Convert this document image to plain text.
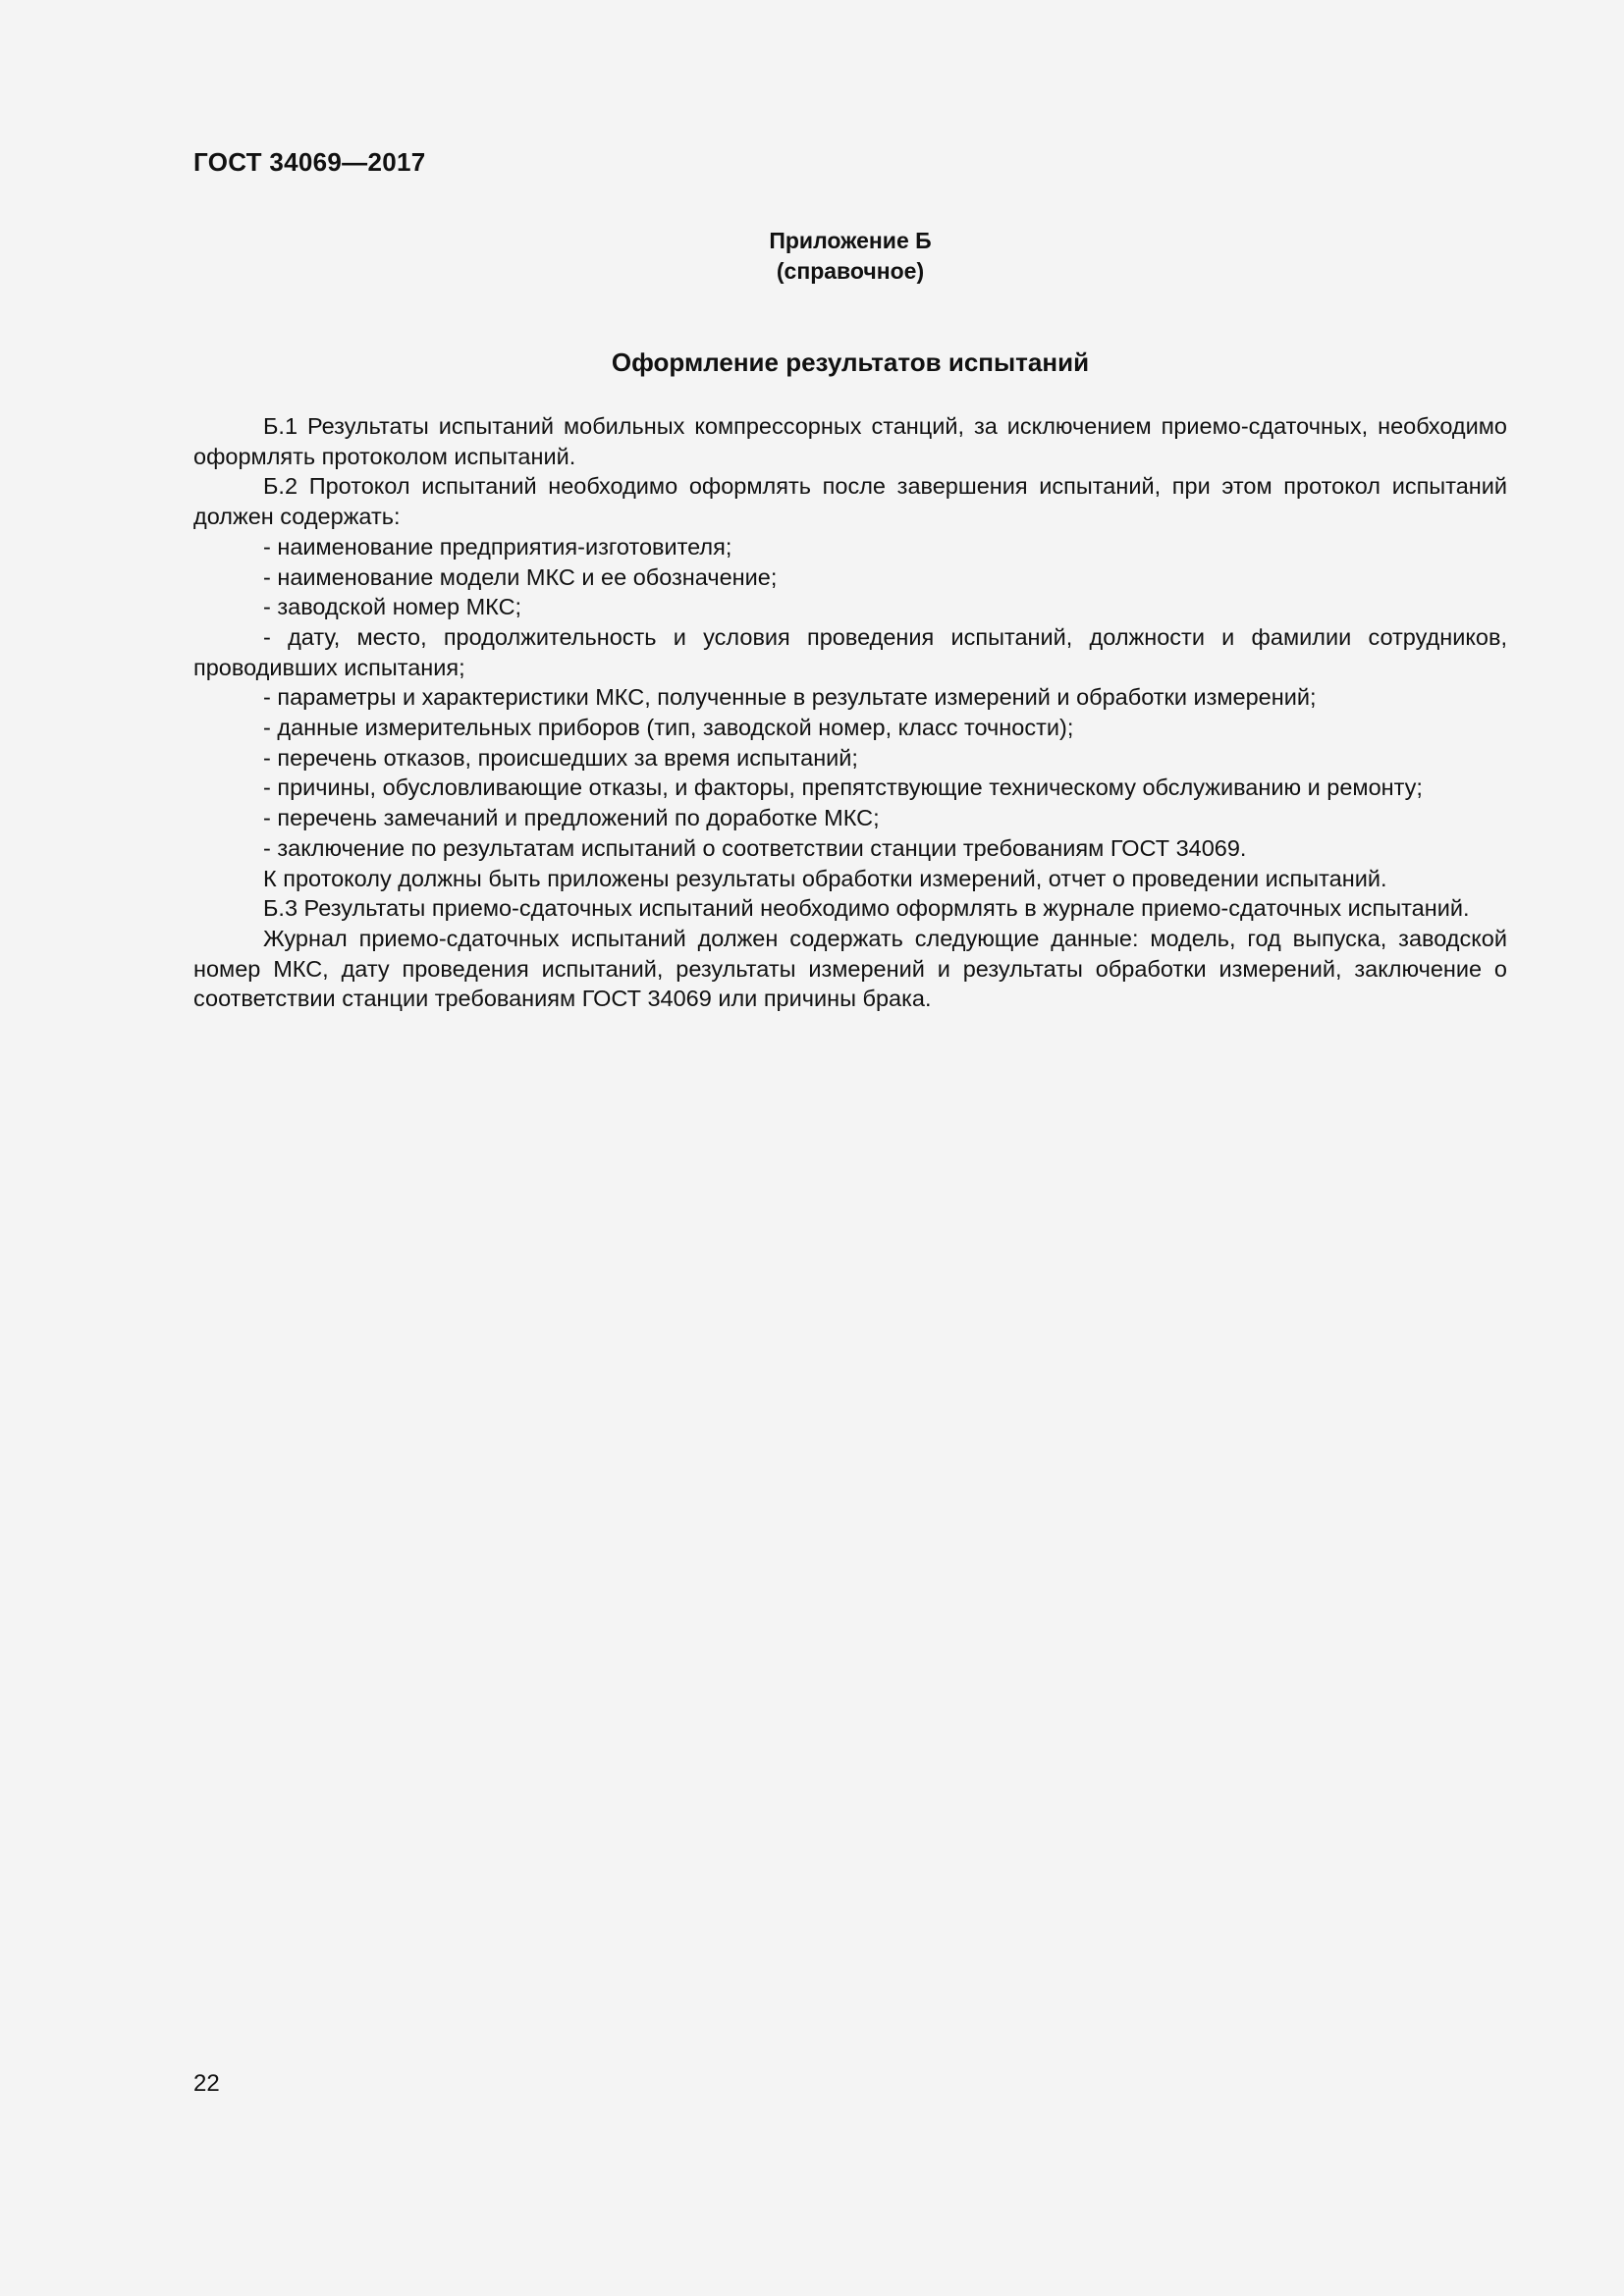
ГОСТ 34069—2017
Приложение Б
(справочное)
Оформление результатов испытаний

Б.1 Результаты испытаний мобильных компрессорных станций, за исключением приемо-сдаточных, необходимо оформлять протоколом испытаний.

Б.2 Протокол испытаний необходимо оформлять после завершения испытаний, при этом протокол испытаний должен содержать:

- наименование предприятия-изготовителя;

- наименование модели МКС и ее обозначение;

- заводской номер МКС;

- дату, место, продолжительность и условия проведения испытаний, должности и фамилии сотрудников, проводивших испытания;

- параметры и характеристики МКС, полученные в результате измерений и обработки измерений;

- данные измерительных приборов (тип, заводской номер, класс точности);

- перечень отказов, происшедших за время испытаний;

- причины, обусловливающие отказы, и факторы, препятствующие техническому обслуживанию и ремонту;

- перечень замечаний и предложений по доработке МКС;

- заключение по результатам испытаний о соответствии станции требованиям ГОСТ 34069.

К протоколу должны быть приложены результаты обработки измерений, отчет о проведении испытаний.

Б.3 Результаты приемо-сдаточных испытаний необходимо оформлять в журнале приемо-сдаточных испытаний.

Журнал приемо-сдаточных испытаний должен содержать следующие данные: модель, год выпуска, заводской номер МКС, дату проведения испытаний, результаты измерений и результаты обработки измерений, заключение о соответствии станции требованиям ГОСТ 34069 или причины брака.

22
